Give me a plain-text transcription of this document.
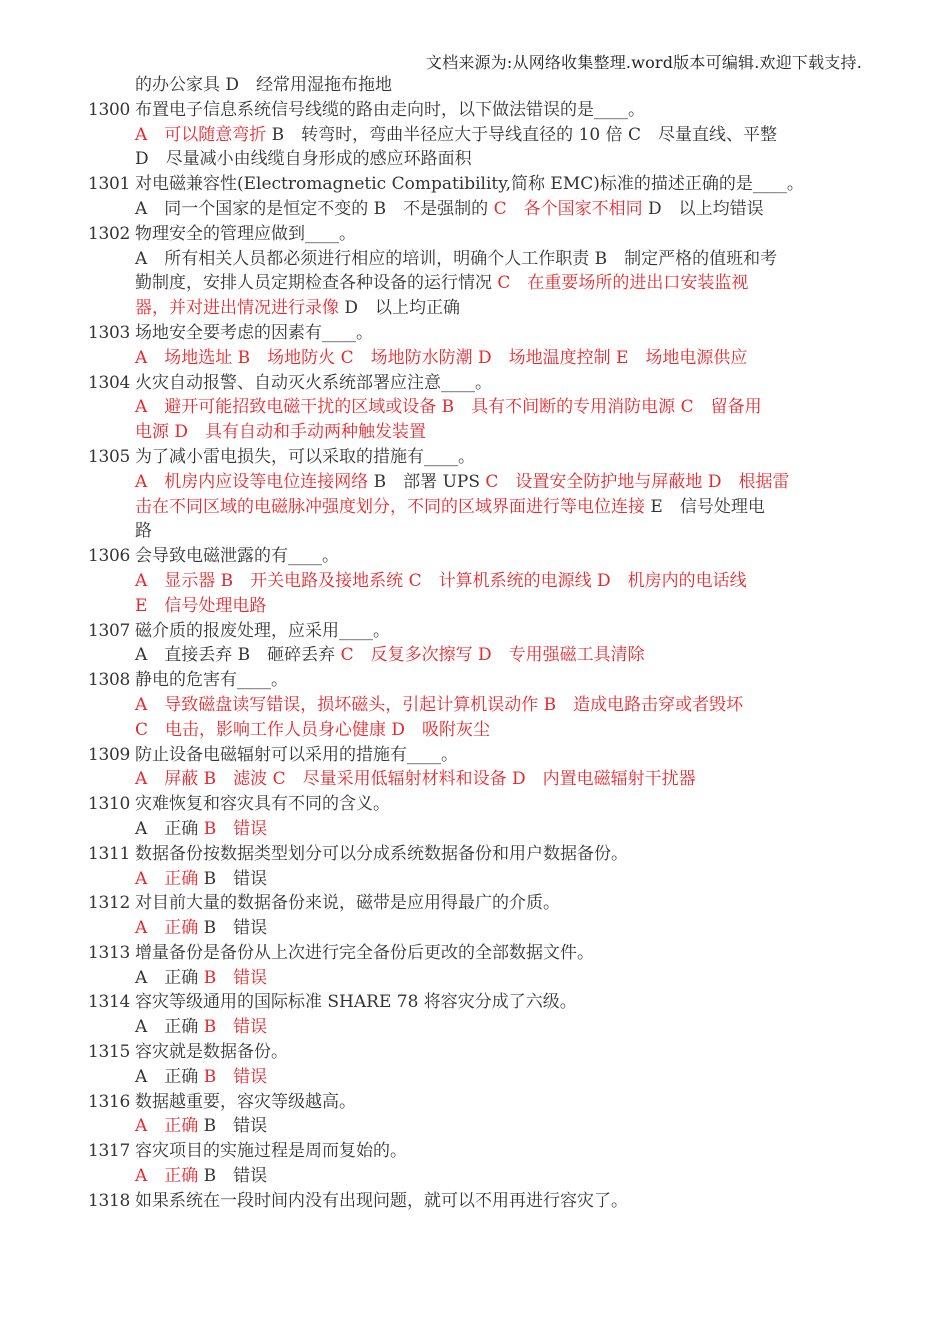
文档来源为:从网络收集整理.word版本可编辑.欢迎下载支持.
的办公家具 D　经常用湿拖布拖地
1300 布置电子信息系统信号线缆的路由走向时，以下做法错误的是____。
A　可以随意弯折 B　转弯时，弯曲半径应大于导线直径的 10 倍 C　尽量直线、平整
D　尽量减小由线缆自身形成的感应环路面积
1301 对电磁兼容性(Electromagnetic Compatibility,简称 EMC)标准的描述正确的是____。
A　同一个国家的是恒定不变的 B　不是强制的 C　各个国家不相同 D　以上均错误
1302 物理安全的管理应做到____。
A　所有相关人员都必须进行相应的培训，明确个人工作职责 B　制定严格的值班和考
勤制度，安排人员定期检查各种设备的运行情况 C　在重要场所的进出口安装监视
器，并对进出情况进行录像 D　以上均正确
1303 场地安全要考虑的因素有____。
A　场地选址 B　场地防火 C　场地防水防潮 D　场地温度控制 E　场地电源供应
1304 火灾自动报警、自动灭火系统部署应注意____。
A　避开可能招致电磁干扰的区域或设备 B　具有不间断的专用消防电源 C　留备用
电源 D　具有自动和手动两种触发装置
1305 为了减小雷电损失，可以采取的措施有____。
A　机房内应设等电位连接网络 B　部署 UPS C　设置安全防护地与屏蔽地 D　根据雷
击在不同区域的电磁脉冲强度划分，不同的区域界面进行等电位连接 E　信号处理电
路
1306 会导致电磁泄露的有____。
A　显示器 B　开关电路及接地系统 C　计算机系统的电源线 D　机房内的电话线
E　信号处理电路
1307 磁介质的报废处理，应采用____。
A　直接丢弃 B　砸碎丢弃 C　反复多次擦写 D　专用强磁工具清除
1308 静电的危害有____。
A　导致磁盘读写错误，损坏磁头，引起计算机误动作 B　造成电路击穿或者毁坏
C　电击，影响工作人员身心健康 D　吸附灰尘
1309 防止设备电磁辐射可以采用的措施有____。
A　屏蔽 B　滤波 C　尽量采用低辐射材料和设备 D　内置电磁辐射干扰器
1310 灾难恢复和容灾具有不同的含义。
A　正确 B　错误
1311 数据备份按数据类型划分可以分成系统数据备份和用户数据备份。
A　正确 B　错误
1312 对目前大量的数据备份来说，磁带是应用得最广的介质。
A　正确 B　错误
1313 增量备份是备份从上次进行完全备份后更改的全部数据文件。
A　正确 B　错误
1314 容灾等级通用的国际标准 SHARE 78 将容灾分成了六级。
A　正确 B　错误
1315 容灾就是数据备份。
A　正确 B　错误
1316 数据越重要，容灾等级越高。
A　正确 B　错误
1317 容灾项目的实施过程是周而复始的。
A　正确 B　错误
1318 如果系统在一段时间内没有出现问题，就可以不用再进行容灾了。
